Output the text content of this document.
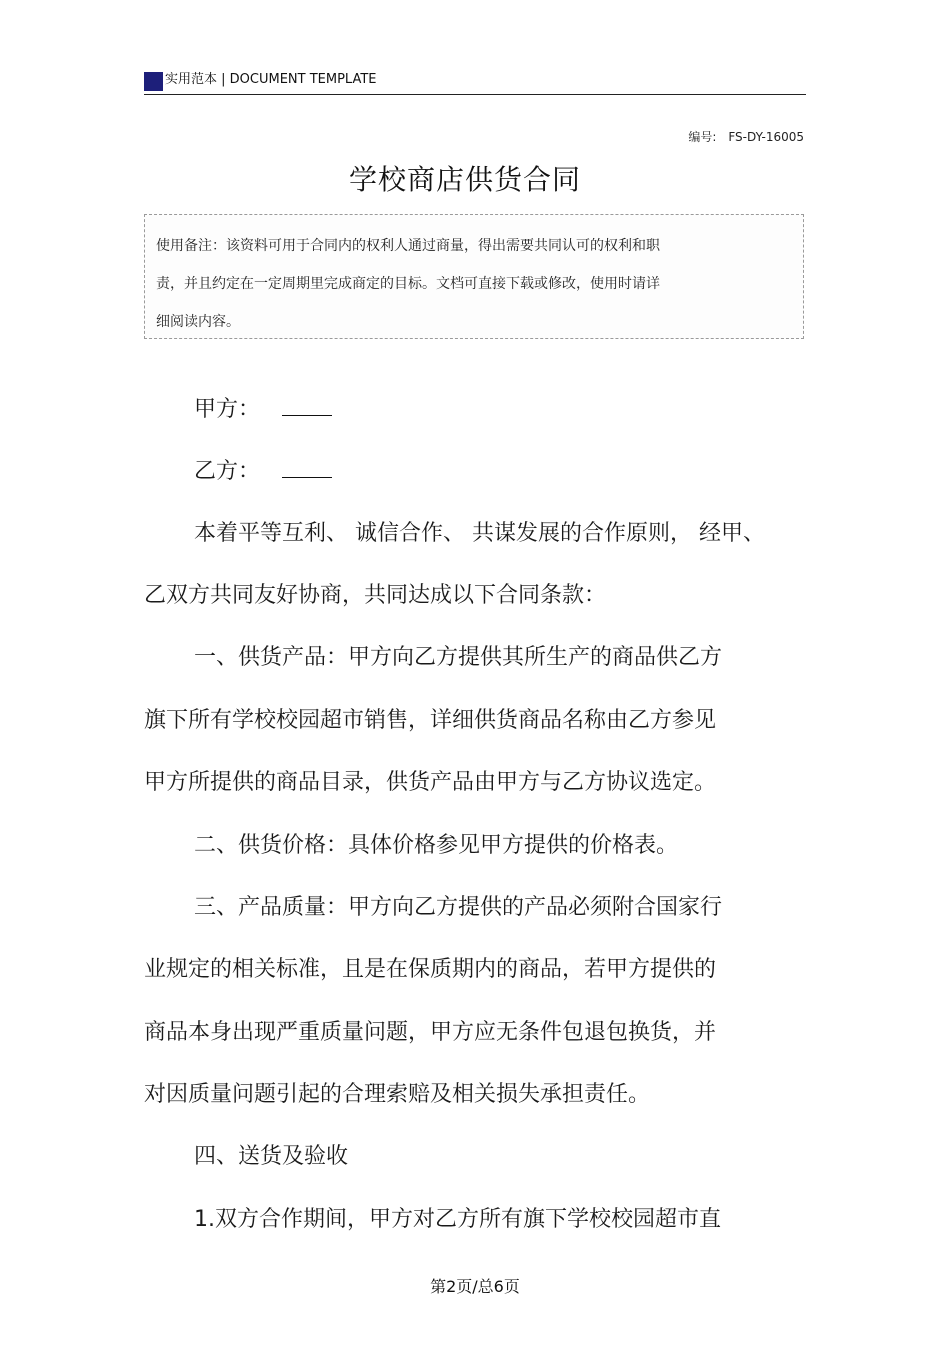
实用范本 | DOCUMENT TEMPLATE
编号: FS-DY-16005
学校商店供货合同
使用备注：该资料可用于合同内的权利人通过商量，得出需要共同认可的权利和职
责，并且约定在一定周期里完成商定的目标。文档可直接下载或修改，使用时请详
细阅读内容。
甲方：
乙方：
本着平等互利、 诚信合作、 共谋发展的合作原则， 经甲、
乙双方共同友好协商，共同达成以下合同条款：
一、供货产品：甲方向乙方提供其所生产的商品供乙方
旗下所有学校校园超市销售，详细供货商品名称由乙方参见
甲方所提供的商品目录，供货产品由甲方与乙方协议选定。
二、供货价格：具体价格参见甲方提供的价格表。
三、产品质量：甲方向乙方提供的产品必须附合国家行
业规定的相关标准，且是在保质期内的商品，若甲方提供的
商品本身出现严重质量问题，甲方应无条件包退包换货，并
对因质量问题引起的合理索赔及相关损失承担责任。
四、送货及验收
1.双方合作期间，甲方对乙方所有旗下学校校园超市直
第2页/总6页
